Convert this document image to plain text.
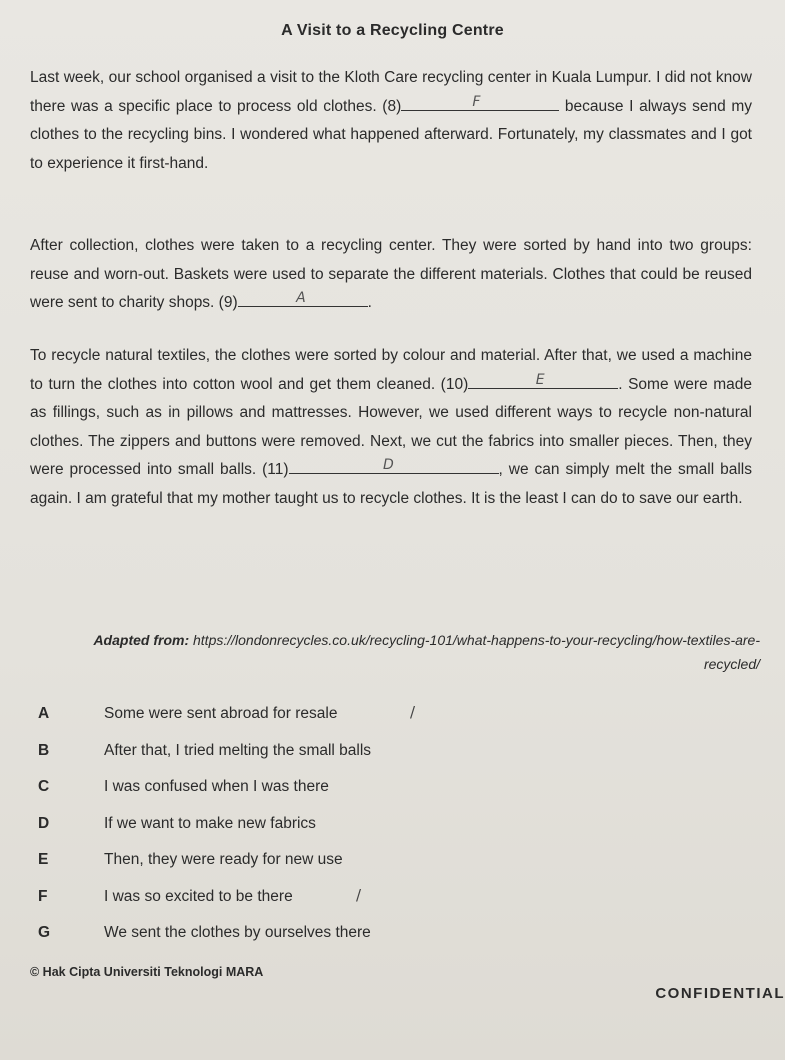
A Visit to a Recycling Centre

Last week, our school organised a visit to the Kloth Care recycling center in Kuala Lumpur. I did not know there was a specific place to process old clothes. (8)	F	because I always send my clothes to the recycling bins. I wondered what happened afterward. Fortunately, my classmates and I got to experience it first-hand.

After collection, clothes were taken to a recycling center. They were sorted by hand into two groups: reuse and worn-out. Baskets were used to separate the different materials. Clothes that could be reused were sent to charity shops. (9)	A	.

To recycle natural textiles, the clothes were sorted by colour and material. After that, we used a machine to turn the clothes into cotton wool and get them cleaned. (10)	E	. Some were made as fillings, such as in pillows and mattresses. However, we used different ways to recycle non-natural clothes. The zippers and buttons were removed. Next, we cut the fabrics into smaller pieces. Then, they were processed into small balls. (11)	D	, we can simply melt the small balls again. I am grateful that my mother taught us to recycle clothes. It is the least I can do to save our earth.

Adapted from: https://londonrecycles.co.uk/recycling-101/what-happens-to-your-recycling/how-textiles-are-recycled/
A	Some were sent abroad for resale	/
B	After that, I tried melting the small balls
C	I was confused when I was there
D	If we want to make new fabrics
E	Then, they were ready for new use
F	I was so excited to be there	/
G	We sent the clothes by ourselves there
© Hak Cipta Universiti Teknologi MARA
CONFIDENTIAL
